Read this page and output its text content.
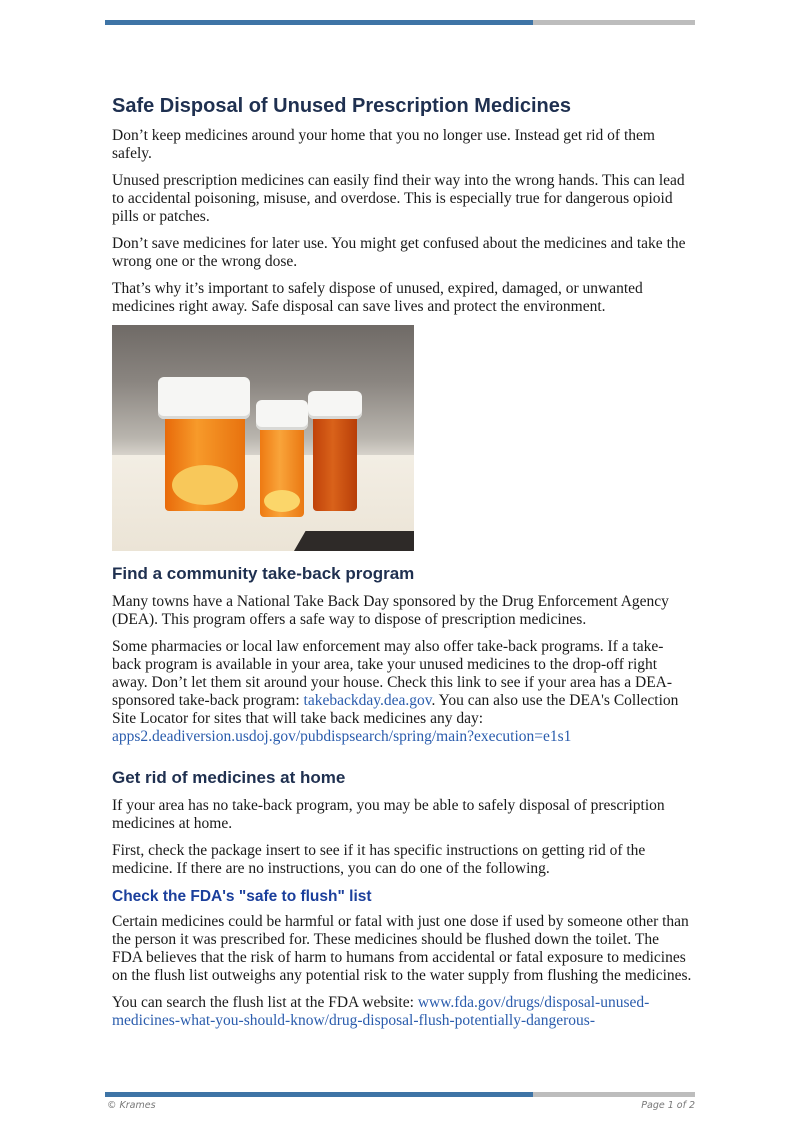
Safe Disposal of Unused Prescription Medicines

Don’t keep medicines around your home that you no longer use. Instead get rid of them safely.

Unused prescription medicines can easily find their way into the wrong hands. This can lead to accidental poisoning, misuse, and overdose. This is especially true for dangerous opioid pills or patches.

Don’t save medicines for later use. You might get confused about the medicines and take the wrong one or the wrong dose.

That’s why it’s important to safely dispose of unused, expired, damaged, or unwanted medicines right away. Safe disposal can save lives and protect the environment.

Find a community take-back program

Many towns have a National Take Back Day sponsored by the Drug Enforcement Agency (DEA). This program offers a safe way to dispose of prescription medicines.

Some pharmacies or local law enforcement may also offer take-back programs. If a take-back program is available in your area, take your unused medicines to the drop-off right away. Don’t let them sit around your house. Check this link to see if your area has a DEA-sponsored take-back program: takebackday.dea.gov. You can also use the DEA's Collection Site Locator for sites that will take back medicines any day: apps2.deadiversion.usdoj.gov/pubdispsearch/spring/main?execution=e1s1

Get rid of medicines at home

If your area has no take-back program, you may be able to safely disposal of prescription medicines at home.

First, check the package insert to see if it has specific instructions on getting rid of the medicine. If there are no instructions, you can do one of the following.

Check the FDA's "safe to flush" list

Certain medicines could be harmful or fatal with just one dose if used by someone other than the person it was prescribed for. These medicines should be flushed down the toilet. The FDA believes that the risk of harm to humans from accidental or fatal exposure to medicines on the flush list outweighs any potential risk to the water supply from flushing the medicines.

You can search the flush list at the FDA website: www.fda.gov/drugs/disposal-unused-medicines-what-you-should-know/drug-disposal-flush-potentially-dangerous-

© Krames	Page 1 of 2
